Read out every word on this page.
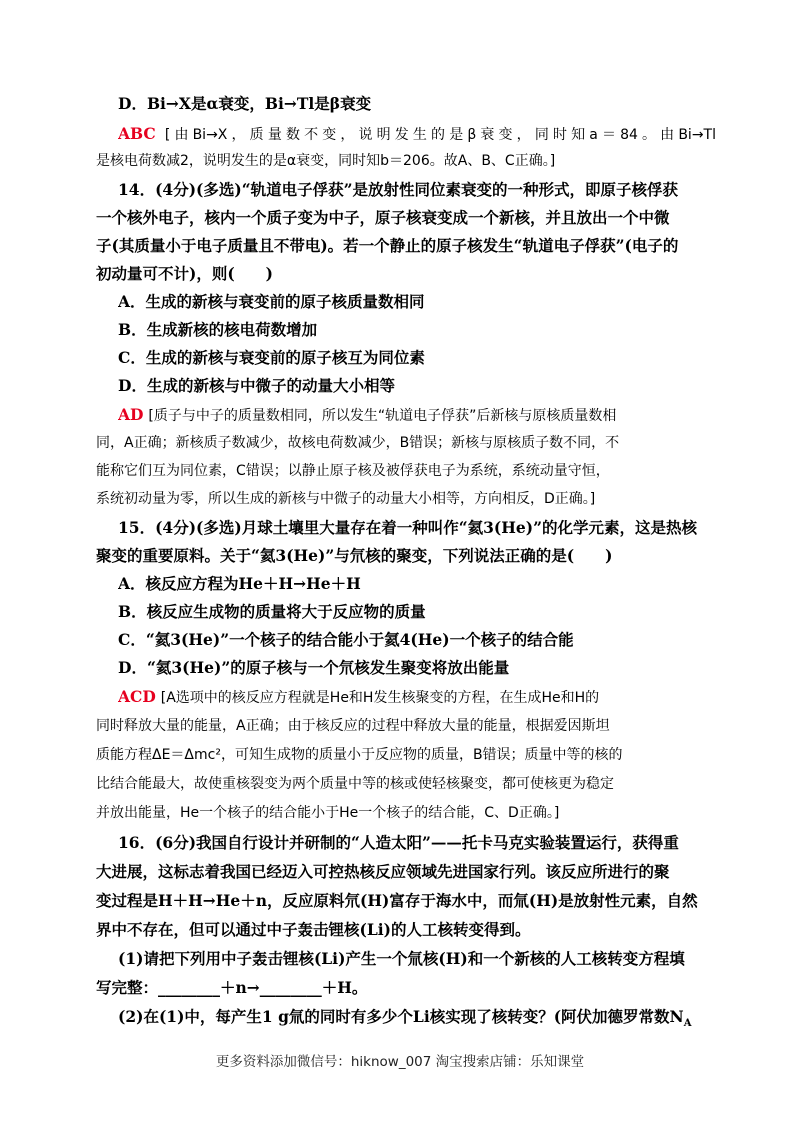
D．Bi→X是α衰变，Bi→Tl是β衰变
ABC [由Bi→X，质量数不变，说明发生的是β衰变，同时知a＝84。由Bi→Tl
是核电荷数减2，说明发生的是α衰变，同时知b＝206。故A、B、C正确。]
14．(4分)(多选)“轨道电子俘获”是放射性同位素衰变的一种形式，即原子核俘获
一个核外电子，核内一个质子变为中子，原子核衰变成一个新核，并且放出一个中微
子(其质量小于电子质量且不带电)。若一个静止的原子核发生“轨道电子俘获”(电子的
初动量可不计)，则(　　)
A．生成的新核与衰变前的原子核质量数相同
B．生成新核的核电荷数增加
C．生成的新核与衰变前的原子核互为同位素
D．生成的新核与中微子的动量大小相等
AD [质子与中子的质量数相同，所以发生“轨道电子俘获”后新核与原核质量数相
同，A正确；新核质子数减少，故核电荷数减少，B错误；新核与原核质子数不同，不
能称它们互为同位素，C错误；以静止原子核及被俘获电子为系统，系统动量守恒，
系统初动量为零，所以生成的新核与中微子的动量大小相等，方向相反，D正确。]
15．(4分)(多选)月球土壤里大量存在着一种叫作“氦3(He)”的化学元素，这是热核
聚变的重要原料。关于“氦3(He)”与氘核的聚变，下列说法正确的是(　　)
A．核反应方程为He＋H→He＋H
B．核反应生成物的质量将大于反应物的质量
C．“氦3(He)”一个核子的结合能小于氦4(He)一个核子的结合能
D．“氦3(He)”的原子核与一个氘核发生聚变将放出能量
ACD [A选项中的核反应方程就是He和H发生核聚变的方程，在生成He和H的
同时释放大量的能量，A正确；由于核反应的过程中释放大量的能量，根据爱因斯坦
质能方程ΔE＝Δmc²，可知生成物的质量小于反应物的质量，B错误；质量中等的核的
比结合能最大，故使重核裂变为两个质量中等的核或使轻核聚变，都可使核更为稳定
并放出能量，He一个核子的结合能小于He一个核子的结合能，C、D正确。]
16．(6分)我国自行设计并研制的“人造太阳”——托卡马克实验装置运行，获得重
大进展，这标志着我国已经迈入可控热核反应领域先进国家行列。该反应所进行的聚
变过程是H＋H→He＋n，反应原料氘(H)富存于海水中，而氚(H)是放射性元素，自然
界中不存在，但可以通过中子轰击锂核(Li)的人工核转变得到。
(1)请把下列用中子轰击锂核(Li)产生一个氚核(H)和一个新核的人工核转变方程填
写完整：________＋n→________＋H。
(2)在(1)中，每产生1 g氚的同时有多少个Li核实现了核转变？(阿伏加德罗常数$N_A$
更多资料添加微信号：hiknow_007 淘宝搜索店铺：乐知课堂
